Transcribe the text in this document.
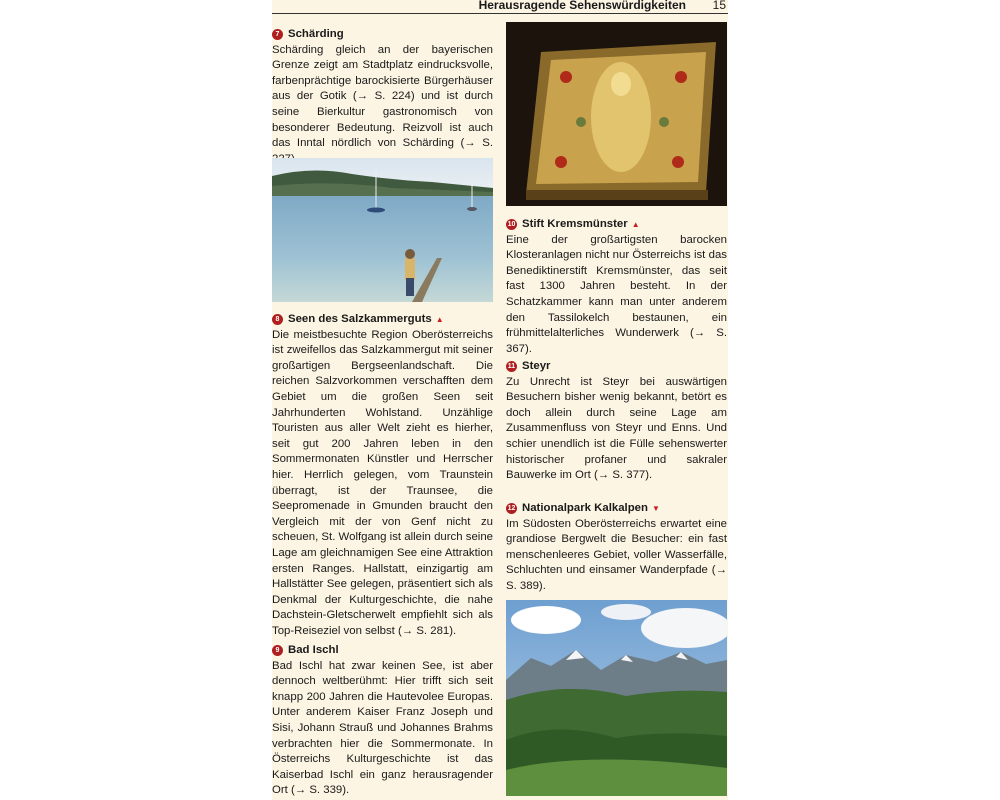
Herausragende Sehenswürdigkeiten 15
7 Schärding

Schärding gleich an der bayerischen Grenze zeigt am Stadtplatz eindrucksvolle, farbenprächtige barockisierte Bürgerhäuser aus der Gotik (→ S. 224) und ist durch seine Bierkultur gastronomisch von besonderer Bedeutung. Reizvoll ist auch das Inntal nördlich von Schärding (→ S.

8 Seen des Salzkammerguts ▲

Die meistbesuchte Region Oberösterreichs ist zweifellos das Salzkammergut mit seiner großartigen Bergseenlandschaft. Die reichen Salzvorkommen verschafften dem Gebiet um die großen Seen seit Jahrhunderten Wohlstand. Unzählige Touristen aus aller Welt zieht es hierher, seit gut 200 Jahren leben in den Sommermonaten Künstler und Herrscher hier. Herrlich gelegen, vom Traunstein überragt, ist der Traunsee, die Seepromenade in Gmunden braucht den Vergleich mit der von Genf nicht zu scheuen, St. Wolfgang ist allein durch seine Lage am gleichnamigen See eine Attraktion ersten Ranges. Hallstatt, einzigartig am Hallstätter See gelegen, präsentiert sich als Denkmal der Kulturgeschichte, die nahe Dachstein-Gletscherwelt empfiehlt sich als Top-Reiseziel von selbst (→ S. 281).

9 Bad Ischl

Bad Ischl hat zwar keinen See, ist aber dennoch weltberühmt: Hier trifft sich seit knapp 200 Jahren die Hautevolee Europas. Unter anderem Kaiser Franz Joseph und Sisi, Johann Strauß und Johannes Brahms verbrachten hier die Sommermonate. In Österreichs Kulturgeschichte ist das Kaiserbad Ischl ein ganz herausragender Ort (→ S. 339).

10 Stift Kremsmünster ▲

Eine der großartigsten barocken Klosteranlagen nicht nur Österreichs ist das Benediktinerstift Kremsmünster, das seit fast 1300 Jahren besteht. In der Schatzkammer kann man unter anderem den Tassilokelch bestaunen, ein frühmittelalterliches Wunderwerk (→ S. 367).

11 Steyr

Zu Unrecht ist Steyr bei auswärtigen Besuchern bisher wenig bekannt, betört es doch allein durch seine Lage am Zusammenfluss von Steyr und Enns. Und schier unendlich ist die Fülle sehenswerter historischer profaner und sakraler Bauwerke im Ort (→ S. 377).

12 Nationalpark Kalkalpen ▼

Im Südosten Oberösterreichs erwartet eine grandiose Bergwelt die Besucher: ein fast menschenleeres Gebiet, voller Wasserfälle, Schluchten und einsamer Wanderpfade (→ S. 389).
